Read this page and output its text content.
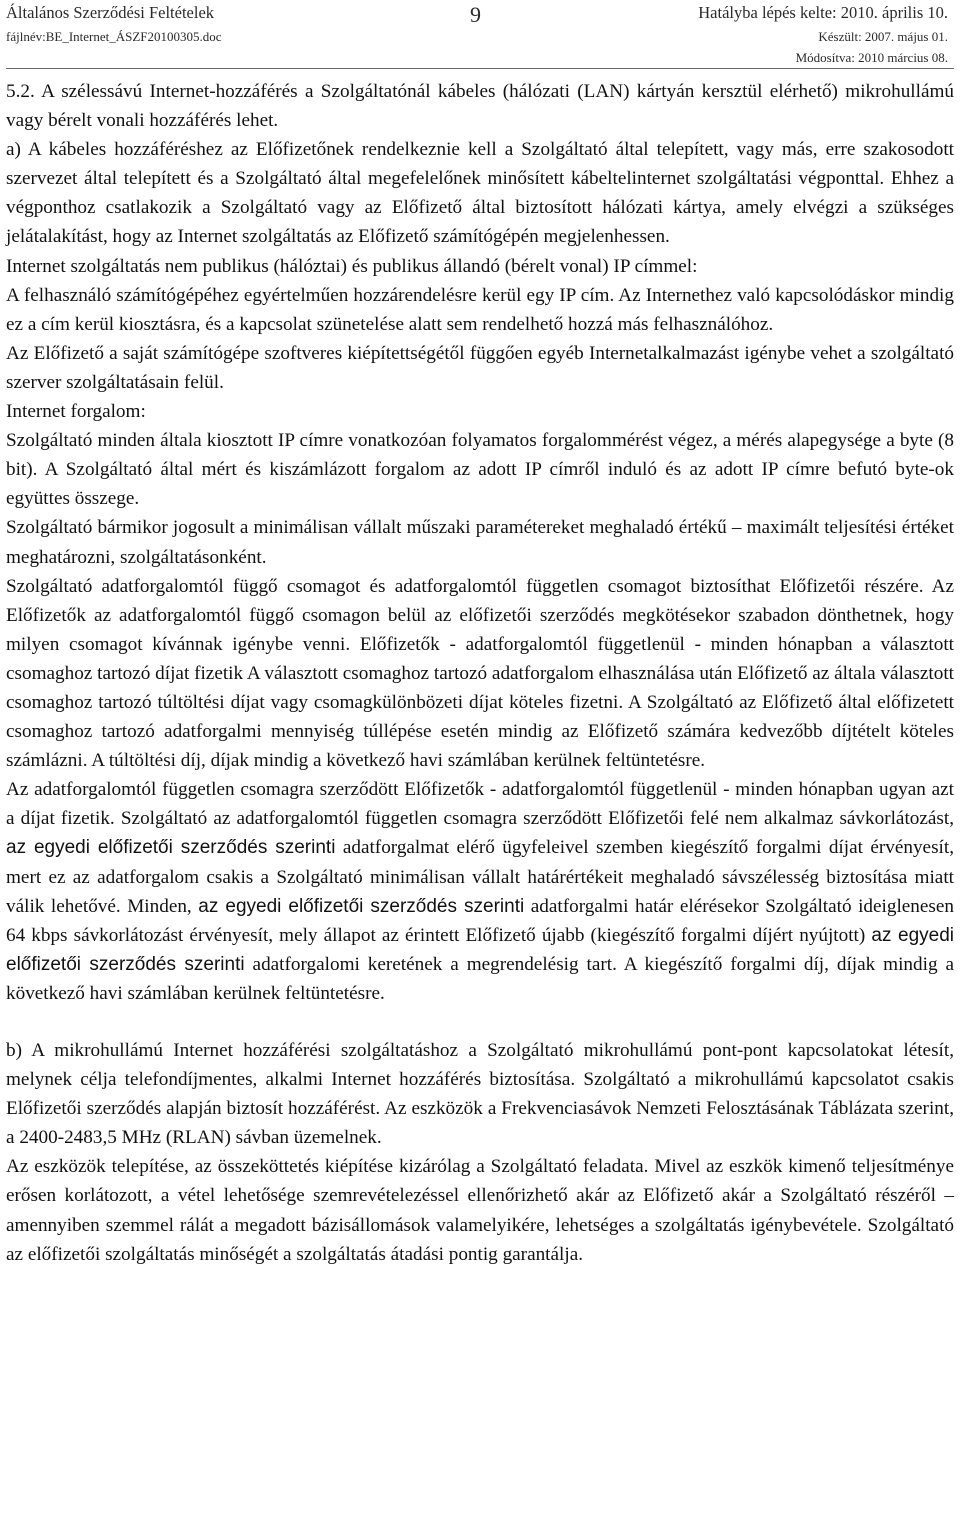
Általános Szerződési Feltételek
fájlnév:BE_Internet_ÁSZF20100305.doc
9	Hatályba lépés kelte: 2010. április 10.
Készült: 2007. május 01.
Módosítva: 2010 március 08.

5.2. A szélessávú Internet-hozzáférés a Szolgáltatónál kábeles (hálózati (LAN) kártyán kersztül elérhető) mikrohullámú vagy bérelt vonali hozzáférés lehet.

a) A kábeles hozzáféréshez az Előfizetőnek rendelkeznie kell a Szolgáltató által telepített, vagy más, erre szakosodott szervezet által telepített és a Szolgáltató által megefelelőnek minősített kábeltelinternet szolgáltatási végponttal. Ehhez a végponthoz csatlakozik a Szolgáltató vagy az Előfizető által biztosított hálózati kártya, amely elvégzi a szükséges jelátalakítást, hogy az Internet szolgáltatás az Előfizető számítógépén megjelenhessen.

Internet szolgáltatás nem publikus (hálóztai) és publikus állandó (bérelt vonal) IP címmel:

A felhasználó számítógépéhez egyértelműen hozzárendelésre kerül egy IP cím. Az Internethez való kapcsolódáskor mindig ez a cím kerül kiosztásra, és a kapcsolat szünetelése alatt sem rendelhető hozzá más felhasználóhoz.

Az Előfizető a saját számítógépe szoftveres kiépítettségétől függően egyéb Internetalkalmazást igénybe vehet a szolgáltató szerver szolgáltatásain felül.

Internet forgalom:

Szolgáltató minden általa kiosztott IP címre vonatkozóan folyamatos forgalommérést végez, a mérés alapegysége a byte (8 bit). A Szolgáltató által mért és kiszámlázott forgalom az adott IP címről induló és az adott IP címre befutó byte-ok együttes összege.

Szolgáltató bármikor jogosult a minimálisan vállalt műszaki paramétereket meghaladó értékű – maximált teljesítési értéket meghatározni, szolgáltatásonként.

Szolgáltató adatforgalomtól függő csomagot és adatforgalomtól független csomagot biztosíthat Előfizetői részére. Az Előfizetők az adatforgalomtól függő csomagon belül az előfizetői szerződés megkötésekor szabadon dönthetnek, hogy milyen csomagot kívánnak igénybe venni. Előfizetők - adatforgalomtól függetlenül - minden hónapban a választott csomaghoz tartozó díjat fizetik A választott csomaghoz tartozó adatforgalom elhasználása után Előfizető az általa választott csomaghoz tartozó túltöltési díjat vagy csomagkülönbözeti díjat köteles fizetni. A Szolgáltató az Előfizető által előfizetett csomaghoz tartozó adatforgalmi mennyiség túllépése esetén mindig az Előfizető számára kedvezőbb díjtételt köteles számlázni. A túltöltési díj, díjak mindig a következő havi számlában kerülnek feltüntetésre.

Az adatforgalomtól független csomagra szerződött Előfizetők - adatforgalomtól függetlenül - minden hónapban ugyan azt a díjat fizetik. Szolgáltató az adatforgalomtól független csomagra szerződött Előfizetői felé nem alkalmaz sávkorlátozást, az egyedi előfizetői szerződés szerinti adatforgalmat elérő ügyfeleivel szemben kiegészítő forgalmi díjat érvényesít, mert ez az adatforgalom csakis a Szolgáltató minimálisan vállalt határértékeit meghaladó sávszélesség biztosítása miatt válik lehetővé. Minden, az egyedi előfizetői szerződés szerinti adatforgalmi határ elérésekor Szolgáltató ideiglenesen 64 kbps sávkorlátozást érvényesít, mely állapot az érintett Előfizető újabb (kiegészítő forgalmi díjért nyújtott) az egyedi előfizetői szerződés szerinti adatforgalomi keretének a megrendelésig tart. A kiegészítő forgalmi díj, díjak mindig a következő havi számlában kerülnek feltüntetésre.

b) A mikrohullámú Internet hozzáférési szolgáltatáshoz a Szolgáltató mikrohullámú pont-pont kapcsolatokat létesít, melynek célja telefondíjmentes, alkalmi Internet hozzáférés biztosítása. Szolgáltató a mikrohullámú kapcsolatot csakis Előfizetői szerződés alapján biztosít hozzáférést. Az eszközök a Frekvenciasávok Nemzeti Felosztásának Táblázata szerint, a 2400-2483,5 MHz (RLAN) sávban üzemelnek.

Az eszközök telepítése, az összeköttetés kiépítése kizárólag a Szolgáltató feladata. Mivel az eszkök kimenő teljesítménye erősen korlátozott, a vétel lehetősége szemrevételezéssel ellenőrizhető akár az Előfizető akár a Szolgáltató részéről – amennyiben szemmel rálát a megadott bázisállomások valamelyikére, lehetséges a szolgáltatás igénybevétele. Szolgáltató az előfizetői szolgáltatás minőségét a szolgáltatás átadási pontig garantálja.
